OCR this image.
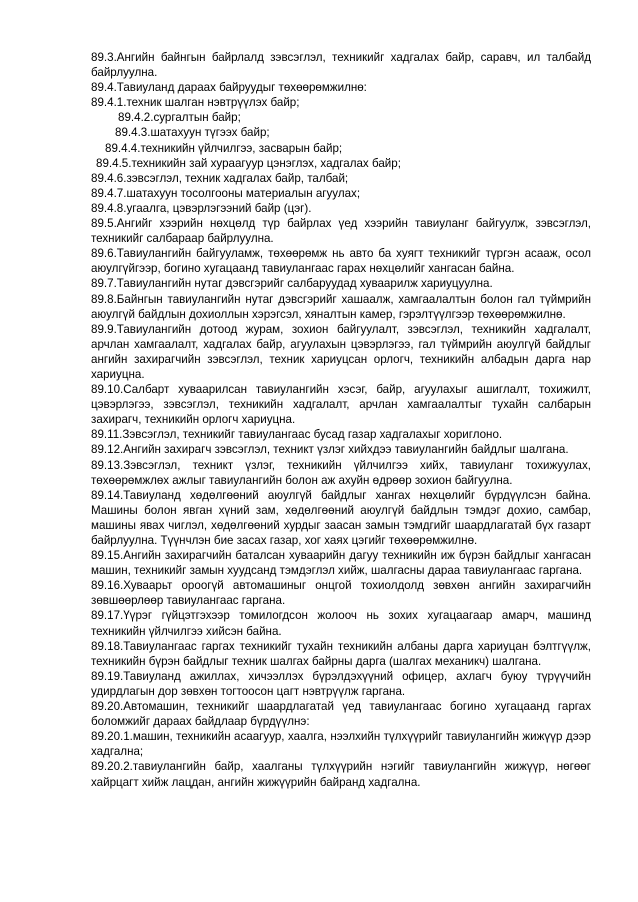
89.3.Ангийн байнгын байрлалд зэвсэглэл, техникийг хадгалах байр, саравч, ил талбайд байрлуулна.

89.4.Тавиуланд дараах байруудыг төхөөрөмжилнө:

89.4.1.техник шалган нэвтрүүлэх байр;

89.4.2.сургалтын байр;

89.4.3.шатахуун түгээх байр;

89.4.4.техникийн үйлчилгээ, засварын байр;

89.4.5.техникийн зай хураагуур цэнэглэх, хадгалах байр;

89.4.6.зэвсэглэл, техник хадгалах байр, талбай;

89.4.7.шатахуун тосолгооны материалын агуулах;

89.4.8.угаалга, цэвэрлэгээний байр (цэг).

89.5.Ангийг хээрийн нөхцөлд түр байрлах үед хээрийн тавиуланг байгуулж, зэвсэглэл, техникийг салбараар байрлуулна.

89.6.Тавиулангийн байгууламж, төхөөрөмж нь авто ба хуягт техникийг түргэн асааж, осол аюулгүйгээр, богино хугацаанд тавиулангаас гарах нөхцөлийг хангасан байна.

89.7.Тавиулангийн нутаг дэвсгэрийг салбаруудад хуваарилж хариуцуулна.

89.8.Байнгын тавиулангийн нутаг дэвсгэрийг хашаалж, хамгаалалтын болон гал түймрийн аюулгүй байдлын дохиоллын хэрэгсэл, хяналтын камер, гэрэлтүүлгээр төхөөрөмжилнө.

89.9.Тавиулангийн дотоод журам, зохион байгуулалт, зэвсэглэл, техникийн хадгалалт, арчлан хамгаалалт, хадгалах байр, агуулахын цэвэрлэгээ, гал түймрийн аюулгүй байдлыг ангийн захирагчийн зэвсэглэл, техник хариуцсан орлогч, техникийн албадын дарга нар хариуцна.

89.10.Салбарт хуваарилсан тавиулангийн хэсэг, байр, агуулахыг ашиглалт, тохижилт, цэвэрлэгээ, зэвсэглэл, техникийн хадгалалт, арчлан хамгаалалтыг тухайн салбарын захирагч, техникийн орлогч хариуцна.

89.11.Зэвсэглэл, техникийг тавиулангаас бусад газар хадгалахыг хориглоно.

89.12.Ангийн захирагч зэвсэглэл, техникт үзлэг хийхдээ тавиулангийн байдлыг шалгана.

89.13.Зэвсэглэл, техникт үзлэг, техникийн үйлчилгээ хийх, тавиуланг тохижуулах, төхөөрөмжлөх ажлыг тавиулангийн болон аж ахуйн өдрөөр зохион байгуулна.

89.14.Тавиуланд хөдөлгөөний аюулгүй байдлыг хангах нөхцөлийг бүрдүүлсэн байна. Машины болон явган хүний зам, хөдөлгөөний аюулгүй байдлын тэмдэг дохио, самбар, машины явах чиглэл, хөдөлгөөний хурдыг заасан замын тэмдгийг шаардлагатай бүх газарт байрлуулна. Түүнчлэн бие засах газар, хог хаях цэгийг төхөөрөмжилнө.

89.15.Ангийн захирагчийн баталсан хуваарийн дагуу техникийн иж бүрэн байдлыг хангасан машин, техникийг замын хуудсанд тэмдэглэл хийж, шалгасны дараа тавиулангаас гаргана.

89.16.Хуваарьт ороогүй автомашиныг онцгой тохиолдолд зөвхөн ангийн захирагчийн зөвшөөрлөөр тавиулангаас гаргана.

89.17.Үүрэг гүйцэтгэхээр томилогдсон жолооч нь зохих хугацаагаар амарч, машинд техникийн үйлчилгээ хийсэн байна.

89.18.Тавиулангаас гаргах техникийг тухайн техникийн албаны дарга хариуцан бэлтгүүлж, техникийн бүрэн байдлыг техник шалгах байрны дарга (шалгах механикч) шалгана.

89.19.Тавиуланд ажиллах, хичээллэх бүрэлдэхүүний офицер, ахлагч буюу түрүүчийн удирдлагын дор зөвхөн тогтоосон цагт нэвтрүүлж гаргана.

89.20.Автомашин, техникийг шаардлагатай үед тавиулангаас богино хугацаанд гаргах боломжийг дараах байдлаар бүрдүүлнэ:

89.20.1.машин, техникийн асаагуур, хаалга, нээлхийн түлхүүрийг тавиулангийн жижүүр дээр хадгална;

89.20.2.тавиулангийн байр, хаалганы түлхүүрийн нэгийг тавиулангийн жижүүр, нөгөөг хайрцагт хийж лацдан, ангийн жижүүрийн байранд хадгална.
